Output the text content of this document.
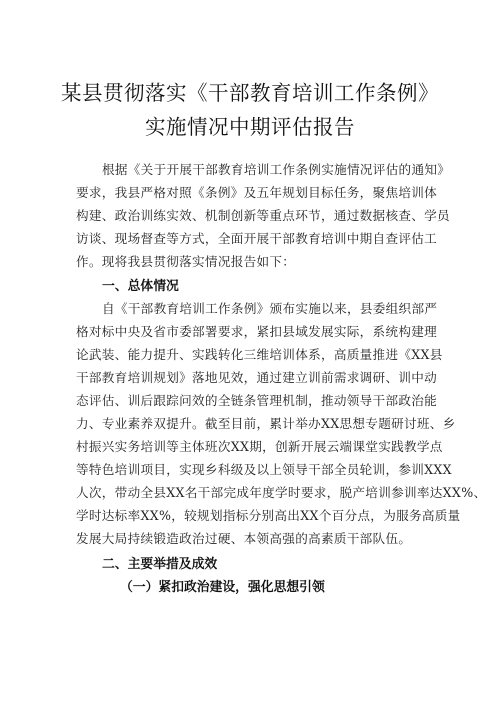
某县贯彻落实《干部教育培训工作条例》
实施情况中期评估报告
根据《关于开展干部教育培训工作条例实施情况评估的通知》
要求，我县严格对照《条例》及五年规划目标任务，聚焦培训体
构建、政治训练实效、机制创新等重点环节，通过数据核查、学员
访谈、现场督查等方式，全面开展干部教育培训中期自查评估工
作。现将我县贯彻落实情况报告如下：
一、总体情况
自《干部教育培训工作条例》颁布实施以来，县委组织部严
格对标中央及省市委部署要求，紧扣县域发展实际，系统构建理
论武装、能力提升、实践转化三维培训体系，高质量推进《XX县
干部教育培训规划》落地见效，通过建立训前需求调研、训中动
态评估、训后跟踪问效的全链条管理机制，推动领导干部政治能
力、专业素养双提升。截至目前，累计举办XX思想专题研讨班、乡
村振兴实务培训等主体班次XX期，创新开展云端课堂实践教学点
等特色培训项目，实现乡科级及以上领导干部全员轮训，参训XXX
人次，带动全县XX名干部完成年度学时要求，脱产培训参训率达XX%、
学时达标率XX%，较规划指标分别高出XX个百分点，为服务高质量
发展大局持续锻造政治过硬、本领高强的高素质干部队伍。
二、主要举措及成效
（一）紧扣政治建设，强化思想引领
